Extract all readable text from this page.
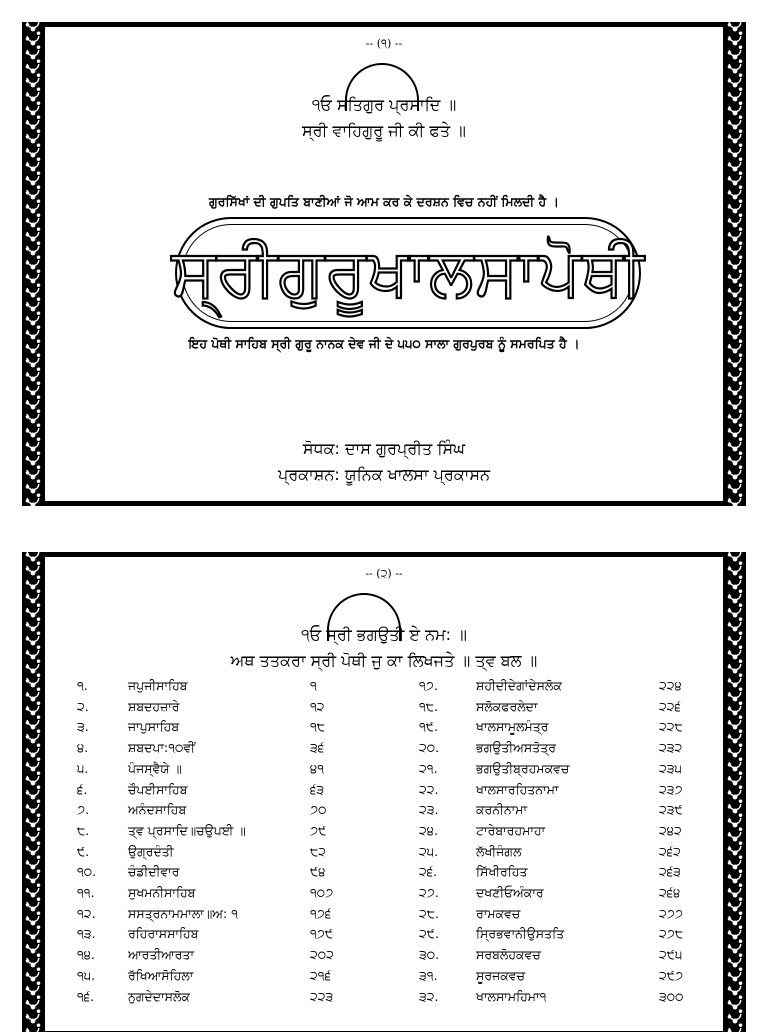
-- (੧) --
੧ਓ ਸਤਿਗੁਰ ਪ੍ਰਸਾਦਿ ॥
ਸ੍ਰੀ ਵਾਹਿਗੁਰੂ ਜੀ ਕੀ ਫਤੇ ॥
ਗੁਰਸਿੱਖਾਂ ਦੀ ਗੁਪਤਿ ਬਾਣੀਆਂ ਜੋ ਆਮ ਕਰ ਕੇ ਦਰਸ਼ਨ ਵਿਚ ਨਹੀਂ ਮਿਲਦੀ ਹੈ ।
ਸ੍ਰੀਗੁਰੂਖਾਲਸਾਪੋਥੀ
ਇਹ ਪੋਥੀ ਸਾਹਿਬ ਸ੍ਰੀ ਗੁਰੂ ਨਾਨਕ ਦੇਵ ਜੀ ਦੇ ੫੫੦ ਸਾਲਾ ਗੁਰਪੁਰਬ ਨੂੰ ਸਮਰਪਿਤ ਹੈ ।
ਸੋਧਕ: ਦਾਸ ਗੁਰਪ੍ਰੀਤ ਸਿੰਘ
ਪ੍ਰਕਾਸ਼ਨ: ਯੂਨਿਕ ਖਾਲਸਾ ਪ੍ਰਕਾਸਨ
-- (੨) --
੧ਓ ਸ੍ਰੀ ਭਗਉਤੀ ਏ ਨਮ: ॥
ਅਥ ਤਤਕਰਾ ਸ੍ਰੀ ਪੋਥੀ ਜੁ ਕਾ ਲਿਖਜਤੇ ॥ ਤ੍ਵ ਬਲ ॥
੧.	ਜਪੁਜੀਸਾਹਿਬ	੧
੨.	ਸ਼ਬਦਹਜ਼ਾਰੇ	੧੨
੩.	ਜਾਪੁਸਾਹਿਬ	੧੮
੪.	ਸ਼ਬਦਪਾ:੧੦ਵੀਂ	੩੬
੫.	ਪੰਜਸ੍ਵੈਯੇ ॥	੪੧
੬.	ਚੌਪਈਸਾਹਿਬ	੬੩
੭.	ਅਨੰਦਸਾਹਿਬ	੭੦
੮.	ਤ੍ਵ ਪ੍ਰਸਾਦਿ॥ਚਉਪਈ ॥	੭੯
੯.	ਉਗ੍ਰਦੰਤੀ	੮੨
੧੦.	ਚੰਡੀਦੀਵਾਰ	੯੪
੧੧.	ਸੁਖਮਨੀਸਾਹਿਬ	੧੦੭
੧੨.	ਸਸਤ੍ਰਨਾਮਮਾਲਾ॥ਅ: ੧	੧੭੬
੧੩.	ਰਹਿਰਾਸਸਾਹਿਬ	੧੭੯
੧੪.	ਆਰਤੀਆਰਤਾ	੨੦੨
੧੫.	ਰੱਖਿਆਸੋਹਿਲਾ	੨੧੬
੧੬.	ਨੁਗਦੇਦਾਸਲੋਕ	੨੨੩
੧੭.	ਸ਼ਹੀਦੀਦੇਗਾਂਦੇਸਲੋਕ	੨੨੪
੧੮.	ਸਲੋਕਫਰਲੇਦਾ	੨੨੬
੧੯.	ਖਾਲਸਾਮੂਲਮੰਤ੍ਰ	੨੨੮
੨੦.	ਭਗਉਤੀਅਸਤੋਤ੍ਰ	੨੩੨
੨੧.	ਭਗਉਤੀਬ੍ਰਹਮਕਵਚ	੨੩੫
੨੨.	ਖਾਲਸਾਰਹਿਤਨਾਮਾ	੨੩੭
੨੩.	ਕਰਨੀਨਾਮਾ	੨੩੯
੨੪.	ਟਾਰੇਬਾਰਹਮਾਹਾ	੨੪੨
੨੫.	ਲੱਖੀਜੰਗਲ	੨੬੨
੨੬.	ਸਿੱਖੀਰਹਿਤ	੨੬੩
੨੭.	ਦਖਣੀਓਅੰਕਾਰ	੨੬੪
੨੮.	ਰਾਮਕਵਚ	੨੭੭
੨੯.	ਸ੍ਰਿਭਵਾਨੀਉਸਤਤਿ	੨੭੮
੩੦.	ਸਰਬਲੋਹਕਵਚ	੨੯੫
੩੧.	ਸੂਰਜਕਵਚ	੨੯੭
੩੨.	ਖਾਲਸਾਮਹਿਮਾ੧	੩੦੦
